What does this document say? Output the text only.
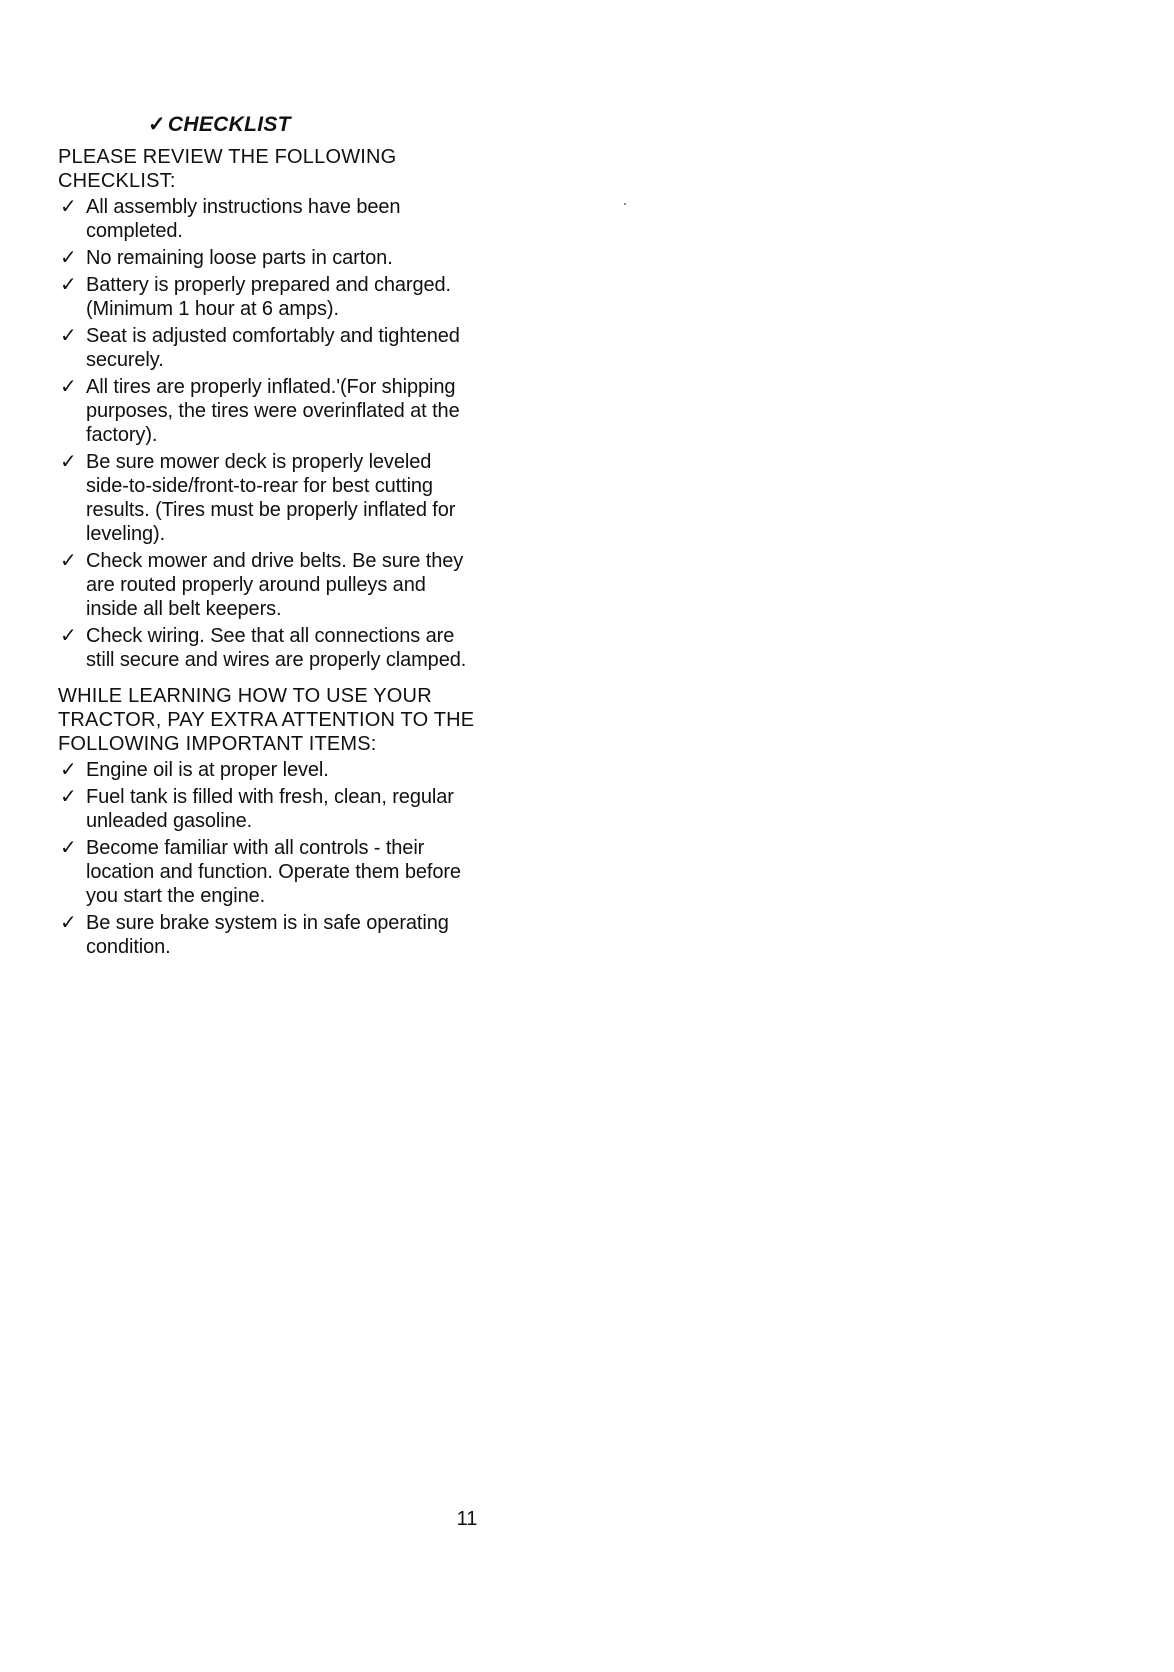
✓CHECKLIST
PLEASE REVIEW THE FOLLOWING CHECKLIST:
✓ All assembly instructions have been completed.
✓ No remaining loose parts in carton.
✓ Battery is properly prepared and charged. (Minimum 1 hour at 6 amps).
✓ Seat is adjusted comfortably and tightened securely.
✓ All tires are properly inflated.'(For shipping purposes, the tires were overinflated at the factory).
✓ Be sure mower deck is properly leveled side-to-side/front-to-rear for best cutting results. (Tires must be properly inflated for leveling).
✓ Check mower and drive belts. Be sure they are routed properly around pulleys and inside all belt keepers.
✓ Check wiring. See that all connections are still secure and wires are properly clamped.
WHILE LEARNING HOW TO USE YOUR TRACTOR, PAY EXTRA ATTENTION TO THE FOLLOWING IMPORTANT ITEMS:
✓ Engine oil is at proper level.
✓ Fuel tank is filled with fresh, clean, regular unleaded gasoline.
✓ Become familiar with all controls - their location and function. Operate them before you start the engine.
✓ Be sure brake system is in safe operating condition.
11
